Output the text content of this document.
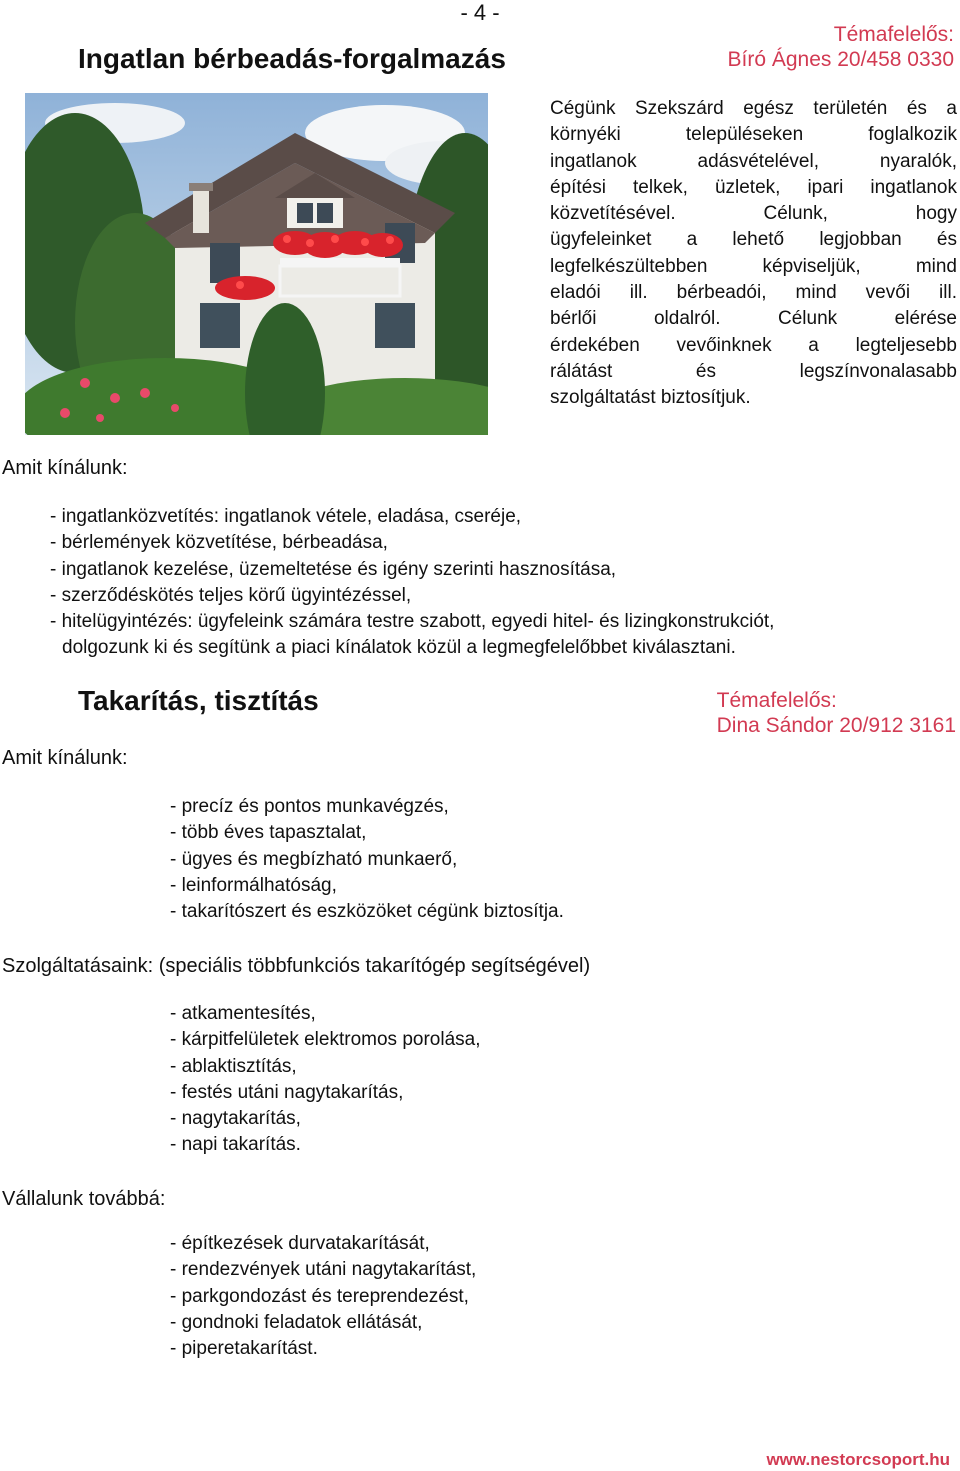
- 4 -
Ingatlan bérbeadás-forgalmazás
Témafelelős:
Bíró Ágnes 20/458 0330
Cégünk Szekszárd egész területén és a
környéki településeken foglalkozik
ingatlanok adásvételével, nyaralók,
építési telkek, üzletek, ipari ingatlanok
közvetítésével. Célunk, hogy
ügyfeleinket a lehető legjobban és
legfelkészültebben képviseljük, mind
eladói ill. bérbeadói, mind vevői ill.
bérlői oldalról. Célunk elérése
érdekében vevőinknek a legteljesebb
rálátást és legszínvonalasabb
szolgáltatást biztosítjuk.
Amit kínálunk:
- ingatlanközvetítés: ingatlanok vétele, eladása, cseréje,
- bérlemények közvetítése, bérbeadása,
- ingatlanok kezelése, üzemeltetése és igény szerinti hasznosítása,
- szerződéskötés teljes körű ügyintézéssel,
- hitelügyintézés: ügyfeleink számára testre szabott, egyedi hitel- és lizingkonstrukciót,
dolgozunk ki és segítünk a piaci kínálatok közül a legmegfelelőbbet kiválasztani.
Takarítás, tisztítás	Témafelelős:
Dina Sándor 20/912 3161
Amit kínálunk:
- precíz és pontos munkavégzés,
- több éves tapasztalat,
- ügyes és megbízható munkaerő,
- leinformálhatóság,
- takarítószert és eszközöket cégünk biztosítja.
Szolgáltatásaink: (speciális többfunkciós takarítógép segítségével)
- atkamentesítés,
- kárpitfelületek elektromos porolása,
- ablaktisztítás,
- festés utáni nagytakarítás,
- nagytakarítás,
- napi takarítás.
Vállalunk továbbá:
- építkezések durvatakarítását,
- rendezvények utáni nagytakarítást,
- parkgondozást és tereprendezést,
- gondnoki feladatok ellátását,
- piperetakarítást.
www.nestorcsoport.hu
